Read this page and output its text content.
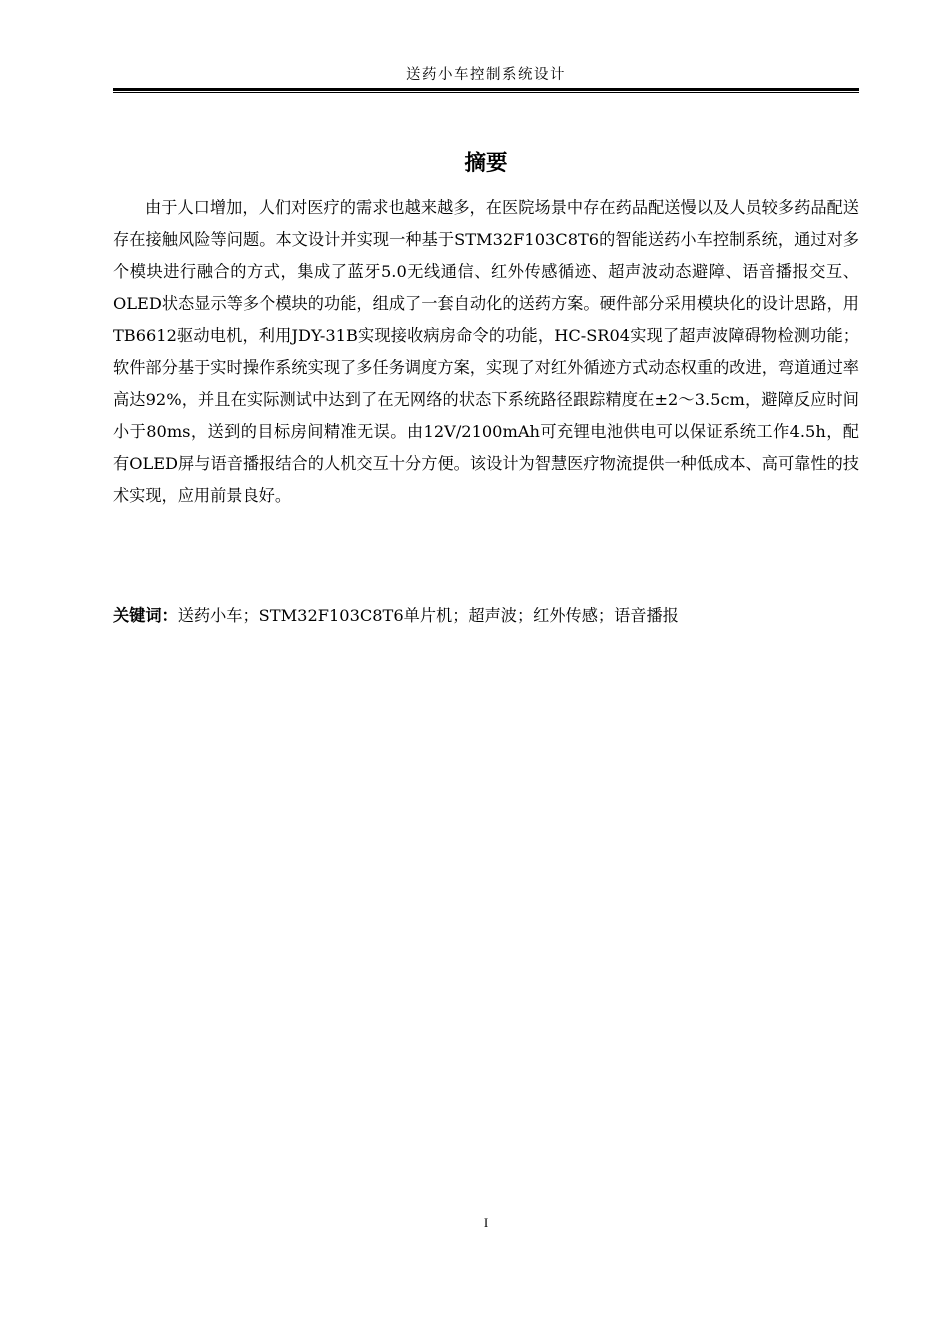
送药小车控制系统设计
摘要

由于人口增加，人们对医疗的需求也越来越多，在医院场景中存在药品配送慢以及人员较多药品配送存在接触风险等问题。本文设计并实现一种基于STM32F103C8T6的智能送药小车控制系统，通过对多个模块进行融合的方式，集成了蓝牙5.0无线通信、红外传感循迹、超声波动态避障、语音播报交互、OLED状态显示等多个模块的功能，组成了一套自动化的送药方案。硬件部分采用模块化的设计思路，用TB6612驱动电机，利用JDY-31B实现接收病房命令的功能，HC-SR04实现了超声波障碍物检测功能；软件部分基于实时操作系统实现了多任务调度方案，实现了对红外循迹方式动态权重的改进，弯道通过率高达92%，并且在实际测试中达到了在无网络的状态下系统路径跟踪精度在±2～3.5cm，避障反应时间小于80ms，送到的目标房间精准无误。由12V/2100mAh可充锂电池供电可以保证系统工作4.5h，配有OLED屏与语音播报结合的人机交互十分方便。该设计为智慧医疗物流提供一种低成本、高可靠性的技术实现，应用前景良好。

关键词：送药小车；STM32F103C8T6单片机；超声波；红外传感；语音播报

I
